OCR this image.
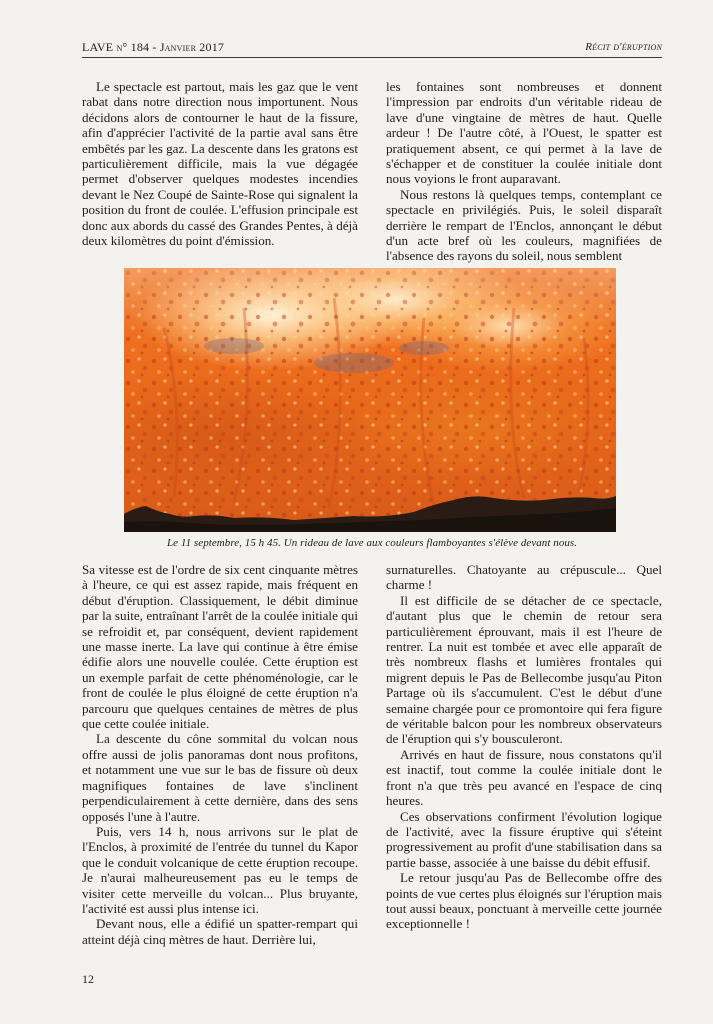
LAVE n° 184 - Janvier 2017	Récit d'éruption

Le spectacle est partout, mais les gaz que le vent rabat dans notre direction nous importunent. Nous décidons alors de contourner le haut de la fissure, afin d'apprécier l'activité de la partie aval sans être embêtés par les gaz. La descente dans les gratons est particulièrement difficile, mais la vue dégagée permet d'observer quelques modestes incendies devant le Nez Coupé de Sainte-Rose qui signalent la position du front de coulée. L'effusion principale est donc aux abords du cassé des Grandes Pentes, à déjà deux kilomètres du point d'émission.

les fontaines sont nombreuses et donnent l'impression par endroits d'un véritable rideau de lave d'une vingtaine de mètres de haut. Quelle ardeur ! De l'autre côté, à l'Ouest, le spatter est pratiquement absent, ce qui permet à la lave de s'échapper et de constituer la coulée initiale dont nous voyions le front auparavant.

Nous restons là quelques temps, contemplant ce spectacle en privilégiés. Puis, le soleil disparaît derrière le rempart de l'Enclos, annonçant le début d'un acte bref où les couleurs, magnifiées de l'absence des rayons du soleil, nous semblent

Le 11 septembre, 15 h 45. Un rideau de lave aux couleurs flamboyantes s'élève devant nous.

Sa vitesse est de l'ordre de six cent cinquante mètres à l'heure, ce qui est assez rapide, mais fréquent en début d'éruption. Classiquement, le débit diminue par la suite, entraînant l'arrêt de la coulée initiale qui se refroidit et, par conséquent, devient rapidement une masse inerte. La lave qui continue à être émise édifie alors une nouvelle coulée. Cette éruption est un exemple parfait de cette phénoménologie, car le front de coulée le plus éloigné de cette éruption n'a parcouru que quelques centaines de mètres de plus que cette coulée initiale.

La descente du cône sommital du volcan nous offre aussi de jolis panoramas dont nous profitons, et notamment une vue sur le bas de fissure où deux magnifiques fontaines de lave s'inclinent perpendiculairement à cette dernière, dans des sens opposés l'une à l'autre.

Puis, vers 14 h, nous arrivons sur le plat de l'Enclos, à proximité de l'entrée du tunnel du Kapor que le conduit volcanique de cette éruption recoupe. Je n'aurai malheureusement pas eu le temps de visiter cette merveille du volcan... Plus bruyante, l'activité est aussi plus intense ici.

Devant nous, elle a édifié un spatter-rempart qui atteint déjà cinq mètres de haut. Derrière lui,

surnaturelles. Chatoyante au crépuscule... Quel charme !

Il est difficile de se détacher de ce spectacle, d'autant plus que le chemin de retour sera particulièrement éprouvant, mais il est l'heure de rentrer. La nuit est tombée et avec elle apparaît de très nombreux flashs et lumières frontales qui migrent depuis le Pas de Bellecombe jusqu'au Piton Partage où ils s'accumulent. C'est le début d'une semaine chargée pour ce promontoire qui fera figure de véritable balcon pour les nombreux observateurs de l'éruption qui s'y bousculeront.

Arrivés en haut de fissure, nous constatons qu'il est inactif, tout comme la coulée initiale dont le front n'a que très peu avancé en l'espace de cinq heures.

Ces observations confirment l'évolution logique de l'activité, avec la fissure éruptive qui s'éteint progressivement au profit d'une stabilisation dans sa partie basse, associée à une baisse du débit effusif.

Le retour jusqu'au Pas de Bellecombe offre des points de vue certes plus éloignés sur l'éruption mais tout aussi beaux, ponctuant à merveille cette journée exceptionnelle !

12
